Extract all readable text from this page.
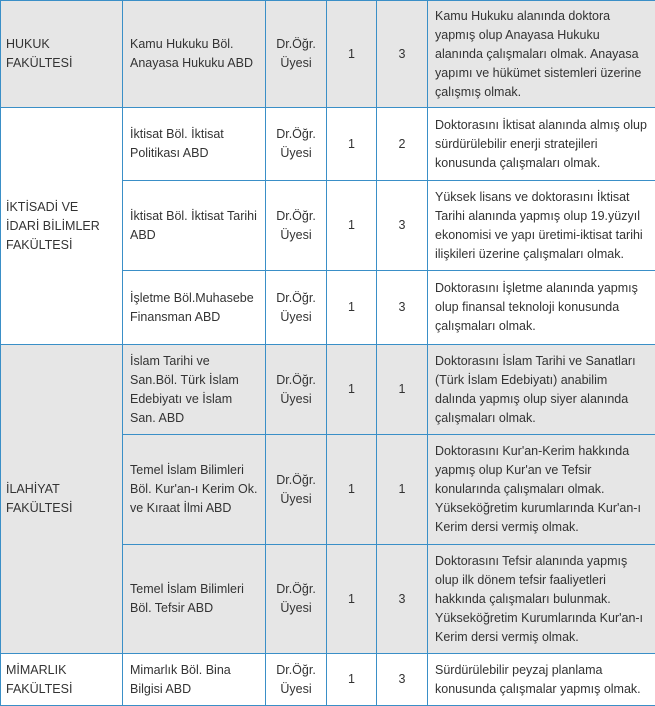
HUKUK FAKÜLTESİ	Kamu Hukuku Böl. Anayasa Hukuku ABD	Dr.Öğr. Üyesi	1	3	Kamu Hukuku alanında doktora yapmış olup Anayasa Hukuku alanında çalışmaları olmak. Anayasa yapımı ve hükümet sistemleri üzerine çalışmış olmak.
İKTİSADİ VE İDARİ BİLİMLER FAKÜLTESİ	İktisat Böl. İktisat Politikası ABD	Dr.Öğr. Üyesi	1	2	Doktorasını İktisat alanında almış olup sürdürülebilir enerji stratejileri konusunda çalışmaları olmak.
	İktisat Böl. İktisat Tarihi ABD	Dr.Öğr. Üyesi	1	3	Yüksek lisans ve doktorasını İktisat Tarihi alanında yapmış olup 19.yüzyıl ekonomisi ve yapı üretimi-iktisat tarihi ilişkileri üzerine çalışmaları olmak.
	İşletme Böl.Muhasebe Finansman ABD	Dr.Öğr. Üyesi	1	3	Doktorasını İşletme alanında yapmış olup finansal teknoloji konusunda çalışmaları olmak.
İLAHİYAT FAKÜLTESİ	İslam Tarihi ve San.Böl. Türk İslam Edebiyatı ve İslam San. ABD	Dr.Öğr. Üyesi	1	1	Doktorasını İslam Tarihi ve Sanatları (Türk İslam Edebiyatı) anabilim dalında yapmış olup siyer alanında çalışmaları olmak.
	Temel İslam Bilimleri Böl. Kur'an-ı Kerim Ok. ve Kıraat İlmi ABD	Dr.Öğr. Üyesi	1	1	Doktorasını Kur'an-Kerim hakkında yapmış olup Kur'an ve Tefsir konularında çalışmaları olmak. Yükseköğretim kurumlarında Kur'an-ı Kerim dersi vermiş olmak.
	Temel İslam Bilimleri Böl. Tefsir ABD	Dr.Öğr. Üyesi	1	3	Doktorasını Tefsir alanında yapmış olup ilk dönem tefsir faaliyetleri hakkında çalışmaları bulunmak. Yükseköğretim Kurumlarında Kur'an-ı Kerim dersi vermiş olmak.
MİMARLIK FAKÜLTESİ	Mimarlık Böl. Bina Bilgisi ABD	Dr.Öğr. Üyesi	1	3	Sürdürülebilir peyzaj planlama konusunda çalışmalar yapmış olmak.
